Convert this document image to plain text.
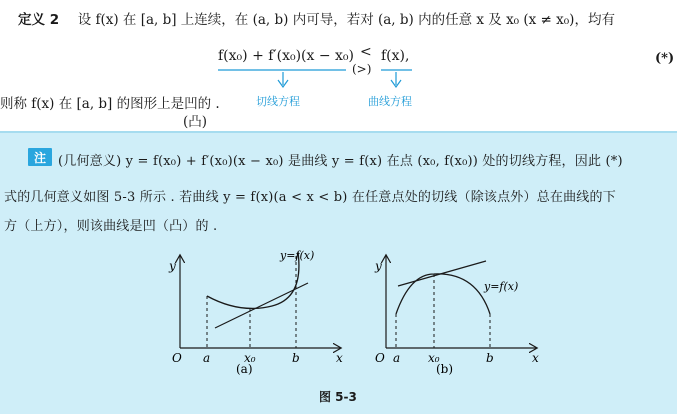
定义 2 设 f(x) 在 [a, b] 上连续，在 (a, b) 内可导，若对 (a, b) 内的任意 x 及 x₀ (x ≠ x₀)，均有
f(x₀) + f′(x₀)(x − x₀) <
(>)
f(x),	(*)
切线方程	曲线方程
则称 f(x) 在 [a, b] 的图形上是凹的 .
(凸)
注 (几何意义) y = f(x₀) + f′(x₀)(x − x₀) 是曲线 y = f(x) 在点 (x₀, f(x₀)) 处的切线方程，因此 (*)
式的几何意义如图 5-3 所示 . 若曲线 y = f(x)(a < x < b) 在任意点处的切线（除该点外）总在曲线的下
方（上方），则该曲线是凹（凸）的 .
O a	x₀	b	x
y
y=f(x)
(a)
O a x₀	b	x
y
y=f(x)
(b)
图 5-3
